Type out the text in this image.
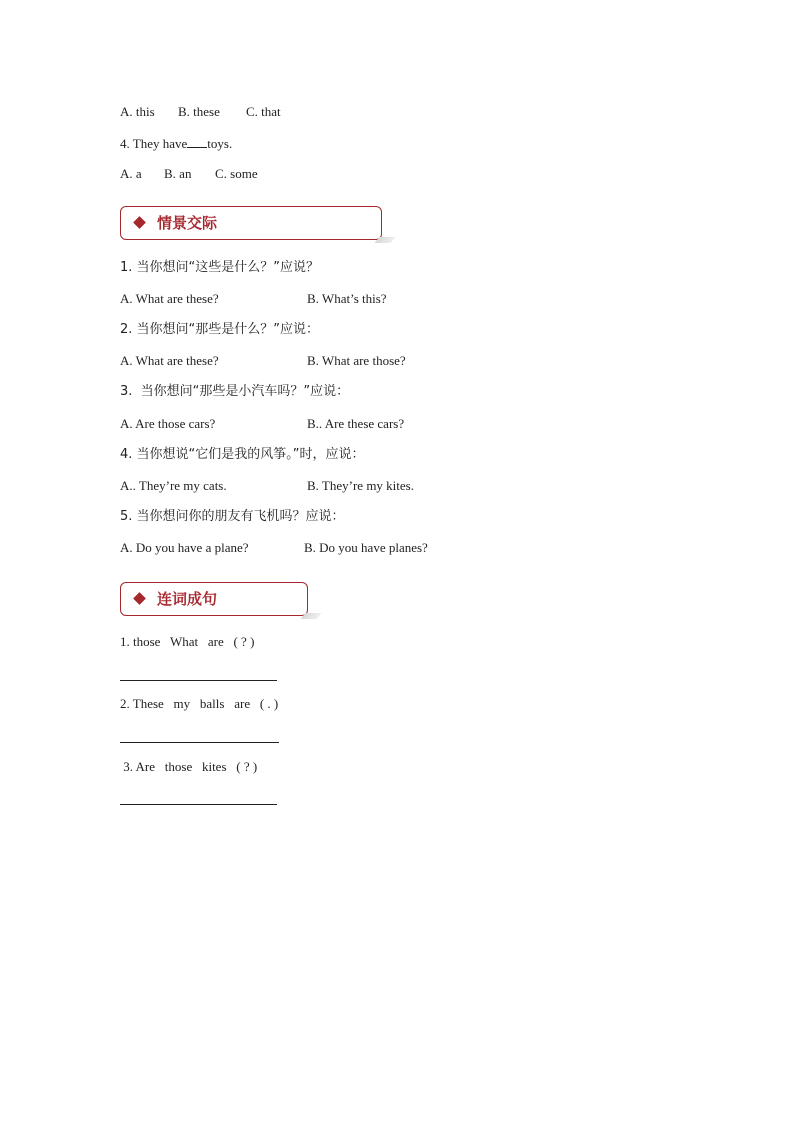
A. this B. these C. that
4. They have toys.
A. a B. an C. some
情景交际
1. 当你想问“这些是什么？”应说？
A. What are these?	B. What’s this?
2. 当你想问“那些是什么？”应说：
A. What are these?	B. What are those?
3.  当你想问“那些是小汽车吗？”应说：
A. Are those cars?	B.. Are these cars?
4. 当你想说“它们是我的风筝。”时，应说：
A.. They’re my cats.	B. They’re my kites.
5. 当你想问你的朋友有飞机吗？应说：
A. Do you have a plane?	B. Do you have planes?
连词成句
1. those   What   are   ( ? )
2. These   my   balls   are   ( . )
3. Are   those   kites   ( ? )
